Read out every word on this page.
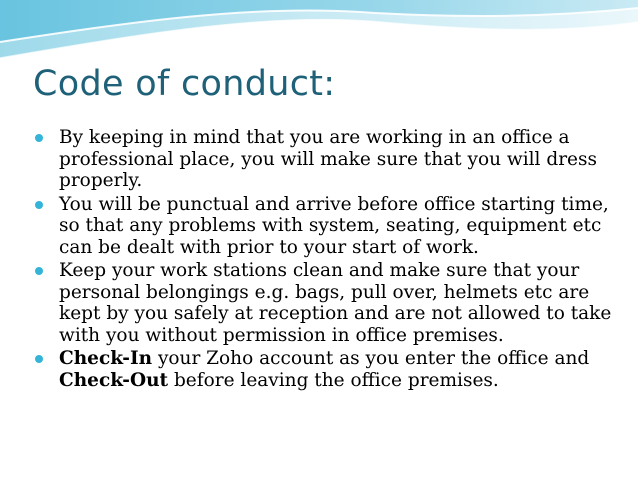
Code of conduct:
By keeping in mind that you are working in an office a professional place, you will make sure that you will dress properly.
You will be punctual and arrive before office starting time, so that any problems with system, seating, equipment etc can be dealt with prior to your start of work.
Keep your work stations clean and make sure that your personal belongings e.g. bags, pull over, helmets etc are kept by you safely at reception and are not allowed to take with you without permission in office premises.
Check-In your Zoho account as you enter the office and Check-Out before leaving the office premises.
